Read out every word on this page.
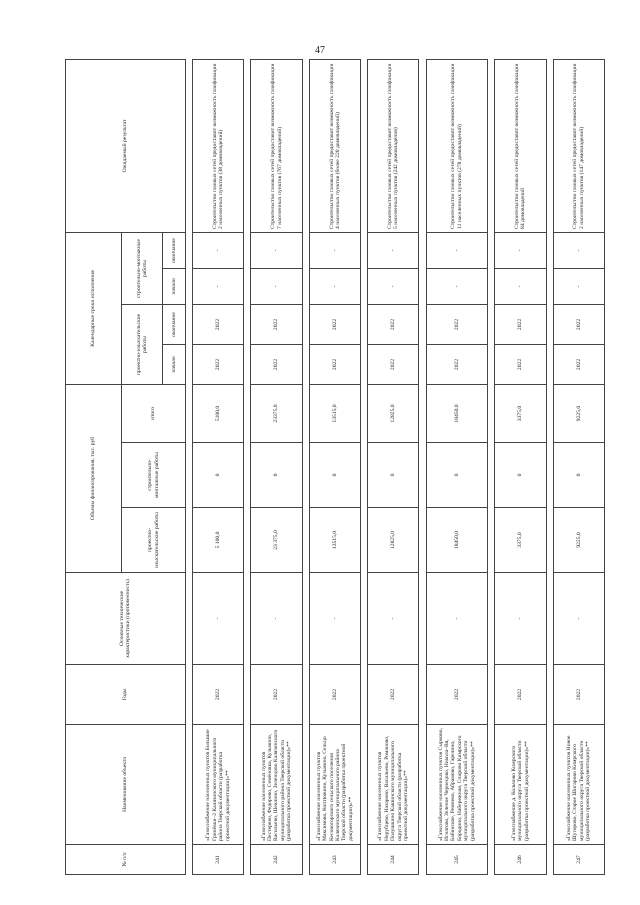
47
№ п/п	Наименование объекта	Годы	Основные технические характеристики (протяженность)	Объемы финансирования, тыс. руб			Календарные сроки исполнения				Ожидаемый результат
				проектно-изыскательские работы	строительно-монтажные работы	итого	проектно-изыскательские работы		строительно-монтажные работы		
							начало	окончание	начало	окончание	

241	«Газоснабжение населенных пунктов Большие Гринёвки–2 Калязинского муниципального района Тверской области (разработка проектной документации)»**	2022	-	5 100,0	0	5100,0	2022	2022	-	-	Строительство газовых сетей предоставит возможность газификации 2 населенных пунктов (38 домовладений)

242	«Газоснабжение населенных пунктов Пестерево, Федорово, Семёновка, Кузьмино, Васильево, Шевлино, Зеленцово Калязинского муниципального района Тверской области (разработка проектной документации)»**	2022	-	23 375,0	0	23375,0	2022	2022	-	-	Строительство газовых сетей предоставит возможность газификации 7 населенных пунктов (767 домовладений)

243	«Газоснабжение населенных пунктов Максимово, Коптюжино, Кузьмино, Сельцо Кесовогорского сельского поселения Калязинского муниципального района Тверской области (разработка проектной документации)»**	2022	-	13515,0	0	13515,0	2022	2022	-	-	Строительство газовых сетей предоставит возможность газификации 4 населенных пунктов (более 220 домовладений)

244	«Газоснабжение населенных пунктов Нерубцево, Назарово, Васильево, Романово, Полушкино Кашинского муниципального округа Тверской области (разработка проектной документации)»**	2022	-	12825,0	0	12825,0	2022	2022	-	-	Строительство газовых сетей предоставит возможность газификации 5 населенных пунктов (242 домовладения)

245	«Газоснабжение населенных пунктов Сырково, Игнатово, Зеленое Чернецово, Никола–Вя, Бабинское, Ремнево, Абрамово, Гарелино, Бородино, Набережная, Спирово Кимрского муниципального округа Тверской области (разработка проектной документации)»**	2022	-	18450,0	0	18450,0	2022	2022	-	-	Строительство газовых сетей предоставит возможность газификации 11 населенных пунктов (278 домовладений)

246	«Газоснабжение д. Кольчово Кимрского муниципального округа Тверской области (разработка проектной документации)»**	2022	-	3375,0	0	3375,0	2022	2022	-	-	Строительство газовых сетей предоставит возможность газификации 84 домовладений

247	«Газоснабжение населенных пунктов Новое Шугорово, Старое Шигарово Кимрского муниципального округа Тверской области (разработка проектной документации)»**	2022	-	9225,0	0	9225,0	2022	2022	-	-	Строительство газовых сетей предоставит возможность газификации 2 населенных пунктов (147 домовладений)
